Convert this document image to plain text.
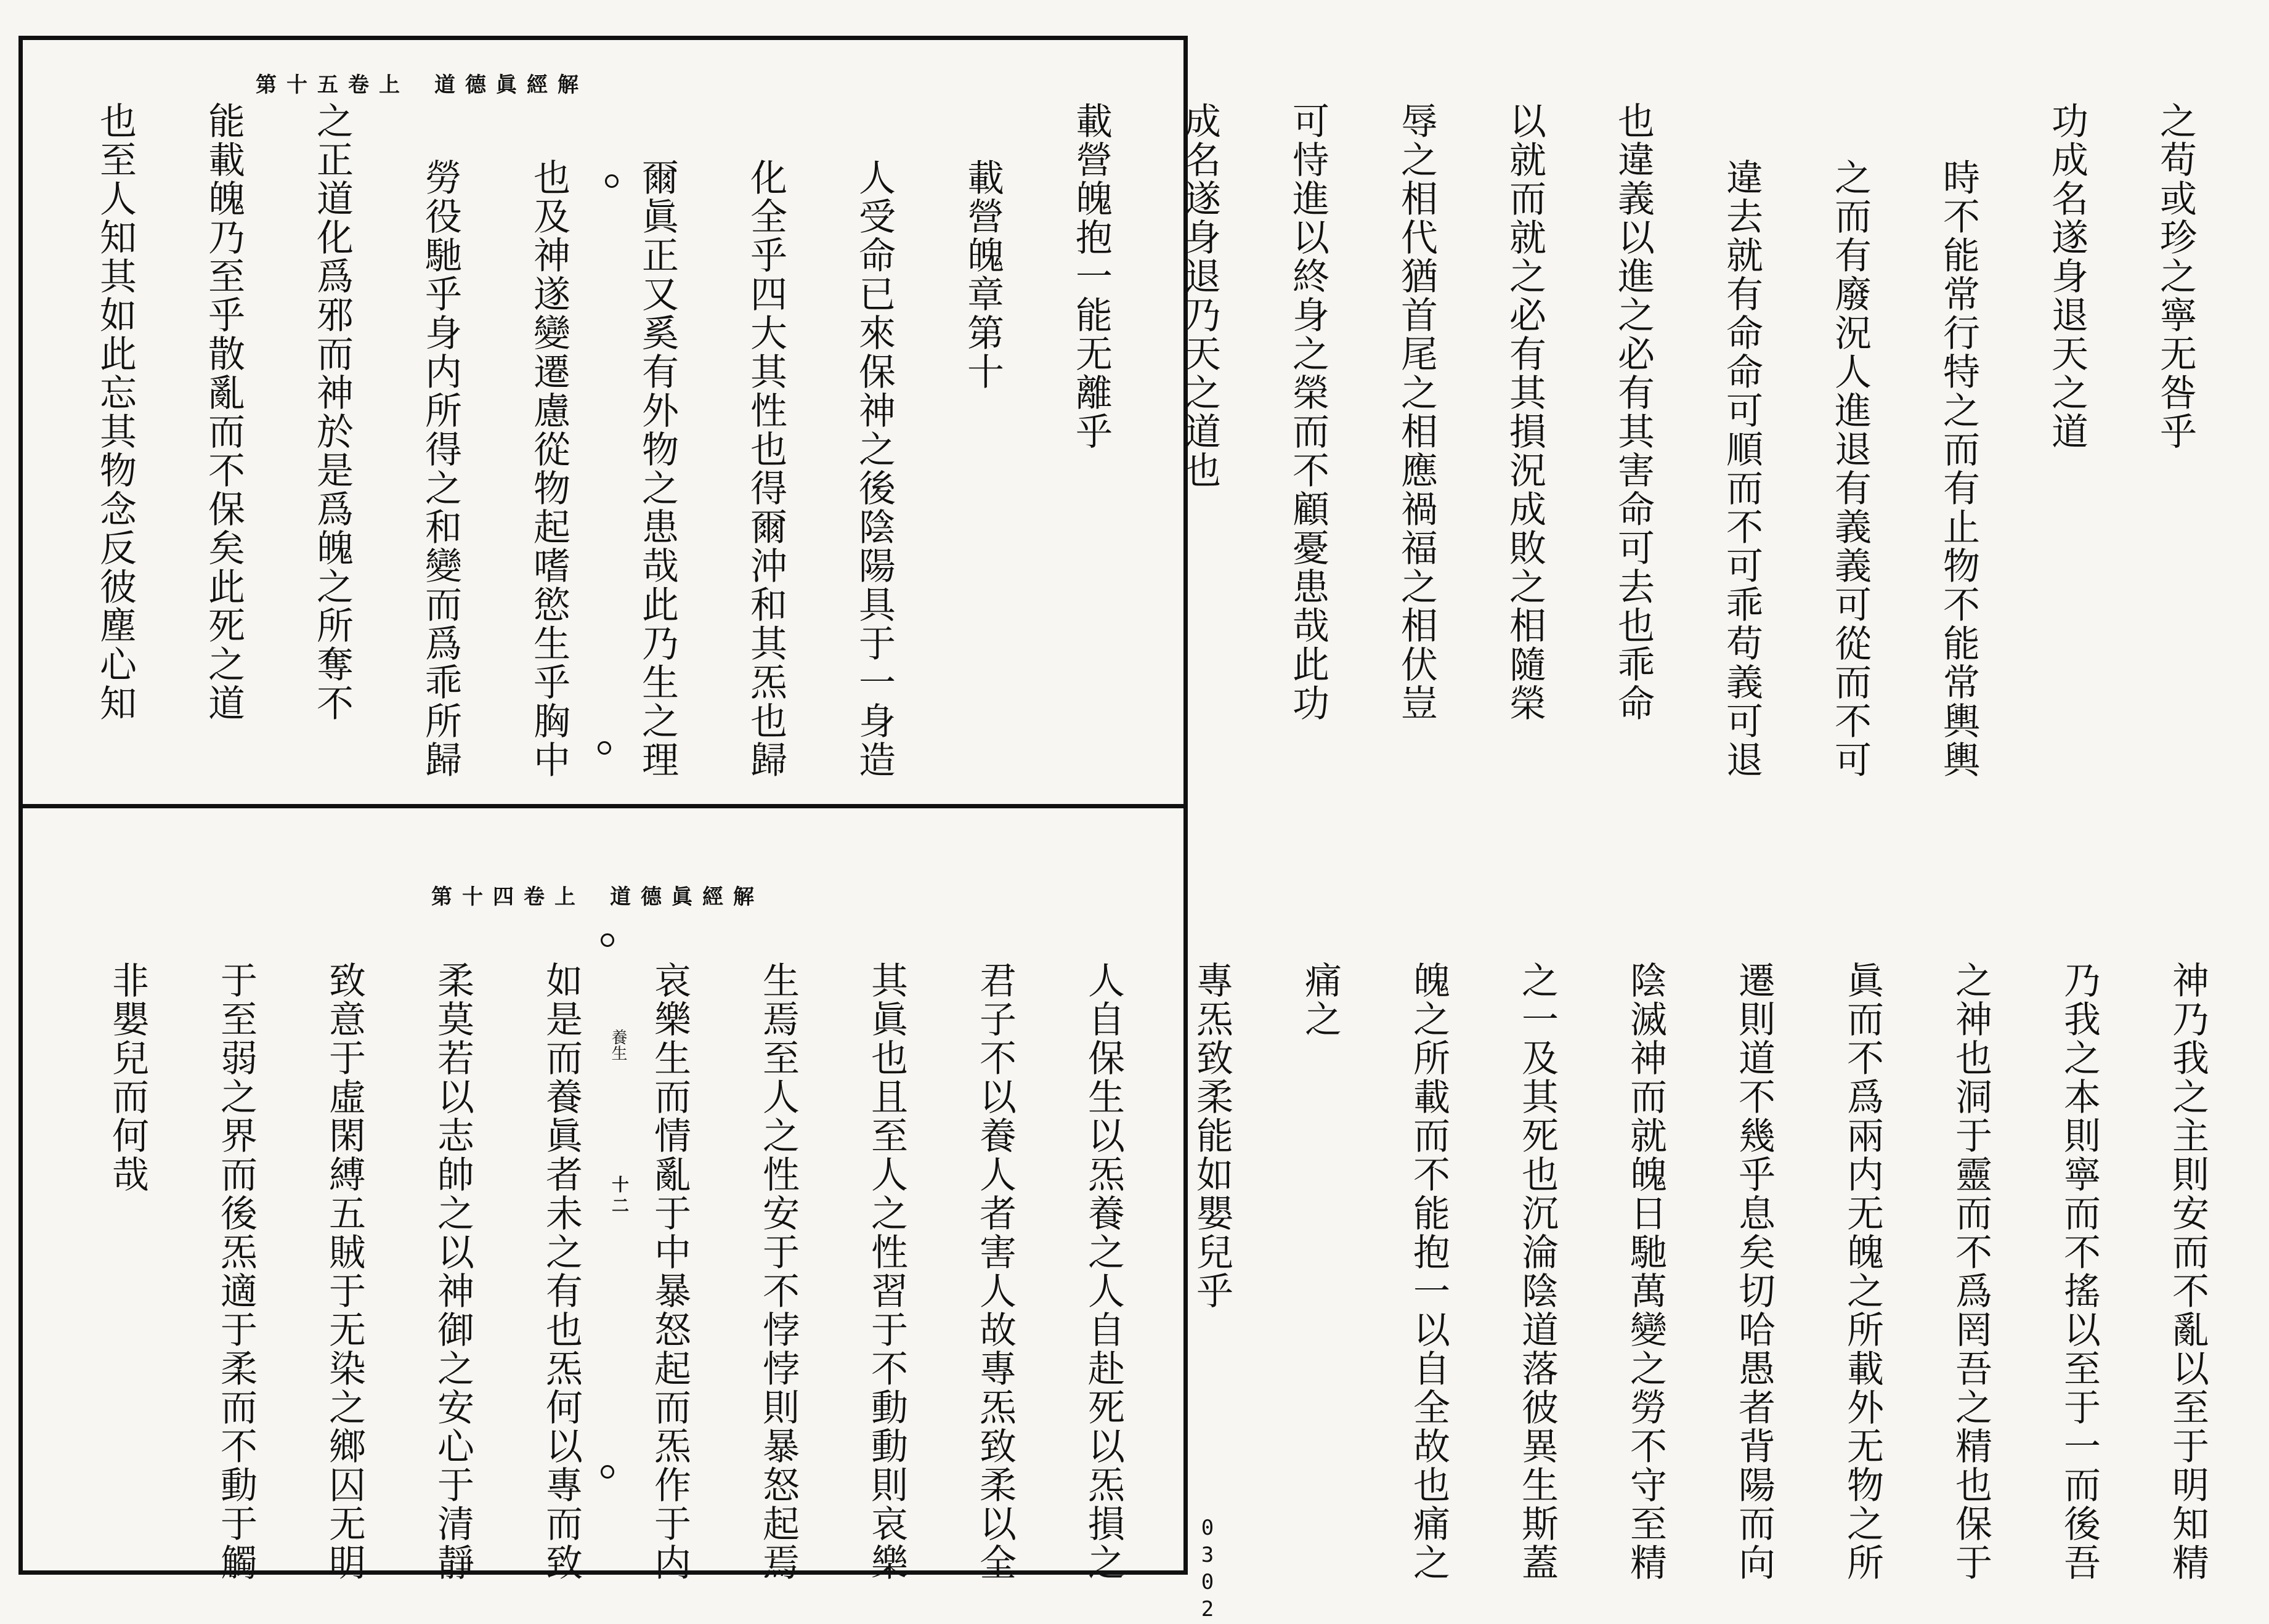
道德眞經解卷上第十五

之苟或珍之寧无咎乎

功成名遂身退天之道

時不能常行特之而有止物不能常輿輿

之而有廢況人進退有義義可從而不可

違去就有命命可順而不可乖苟義可退

也違義以進之必有其害命可去也乖命

以就而就之必有其損況成敗之相隨榮

辱之相代猶首尾之相應禍福之相伏豈

可恃進以終身之榮而不顧憂患哉此功

成名遂身退乃天之道也

載營魄抱一能无離乎

載營魄章第十

人受命已來保神之後陰陽具于一身造

化全乎四大其性也得爾沖和其炁也歸

爾眞正又奚有外物之患哉此乃生之理

也及神遂變遷慮從物起嗜慾生乎胸中

勞役馳乎身内所得之和變而爲乖所歸

之正道化爲邪而神於是爲魄之所奪不

能載魄乃至乎散亂而不保矣此死之道

也至人知其如此忘其物念反彼塵心知

道德眞經解卷上第十四

神乃我之主則安而不亂以至于明知精

乃我之本則寧而不搖以至于一而後吾

之神也洞于靈而不爲罔吾之精也保于

眞而不爲兩内无魄之所載外无物之所

遷則道不幾乎息矣切哈愚者背陽而向

陰滅神而就魄日馳萬變之勞不守至精

之一及其死也沉淪陰道落彼異生斯蓋

魄之所載而不能抱一以自全故也痛之

痛之

專炁致柔能如嬰兒乎

人自保生以炁養之人自赴死以炁損之

君子不以養人者害人故專炁致柔以全

其眞也且至人之性習于不動動則哀樂

生焉至人之性安于不悖悖則暴怒起焉

哀樂生而情亂于中暴怒起而炁作于内

如是而養眞者未之有也炁何以專而致

柔莫若以志帥之以神御之安心于清靜

致意于虛閑縛五賊于无染之鄉囚无明

于至弱之界而後炁適于柔而不動于觸

非嬰兒而何哉

十二
養生
0302
